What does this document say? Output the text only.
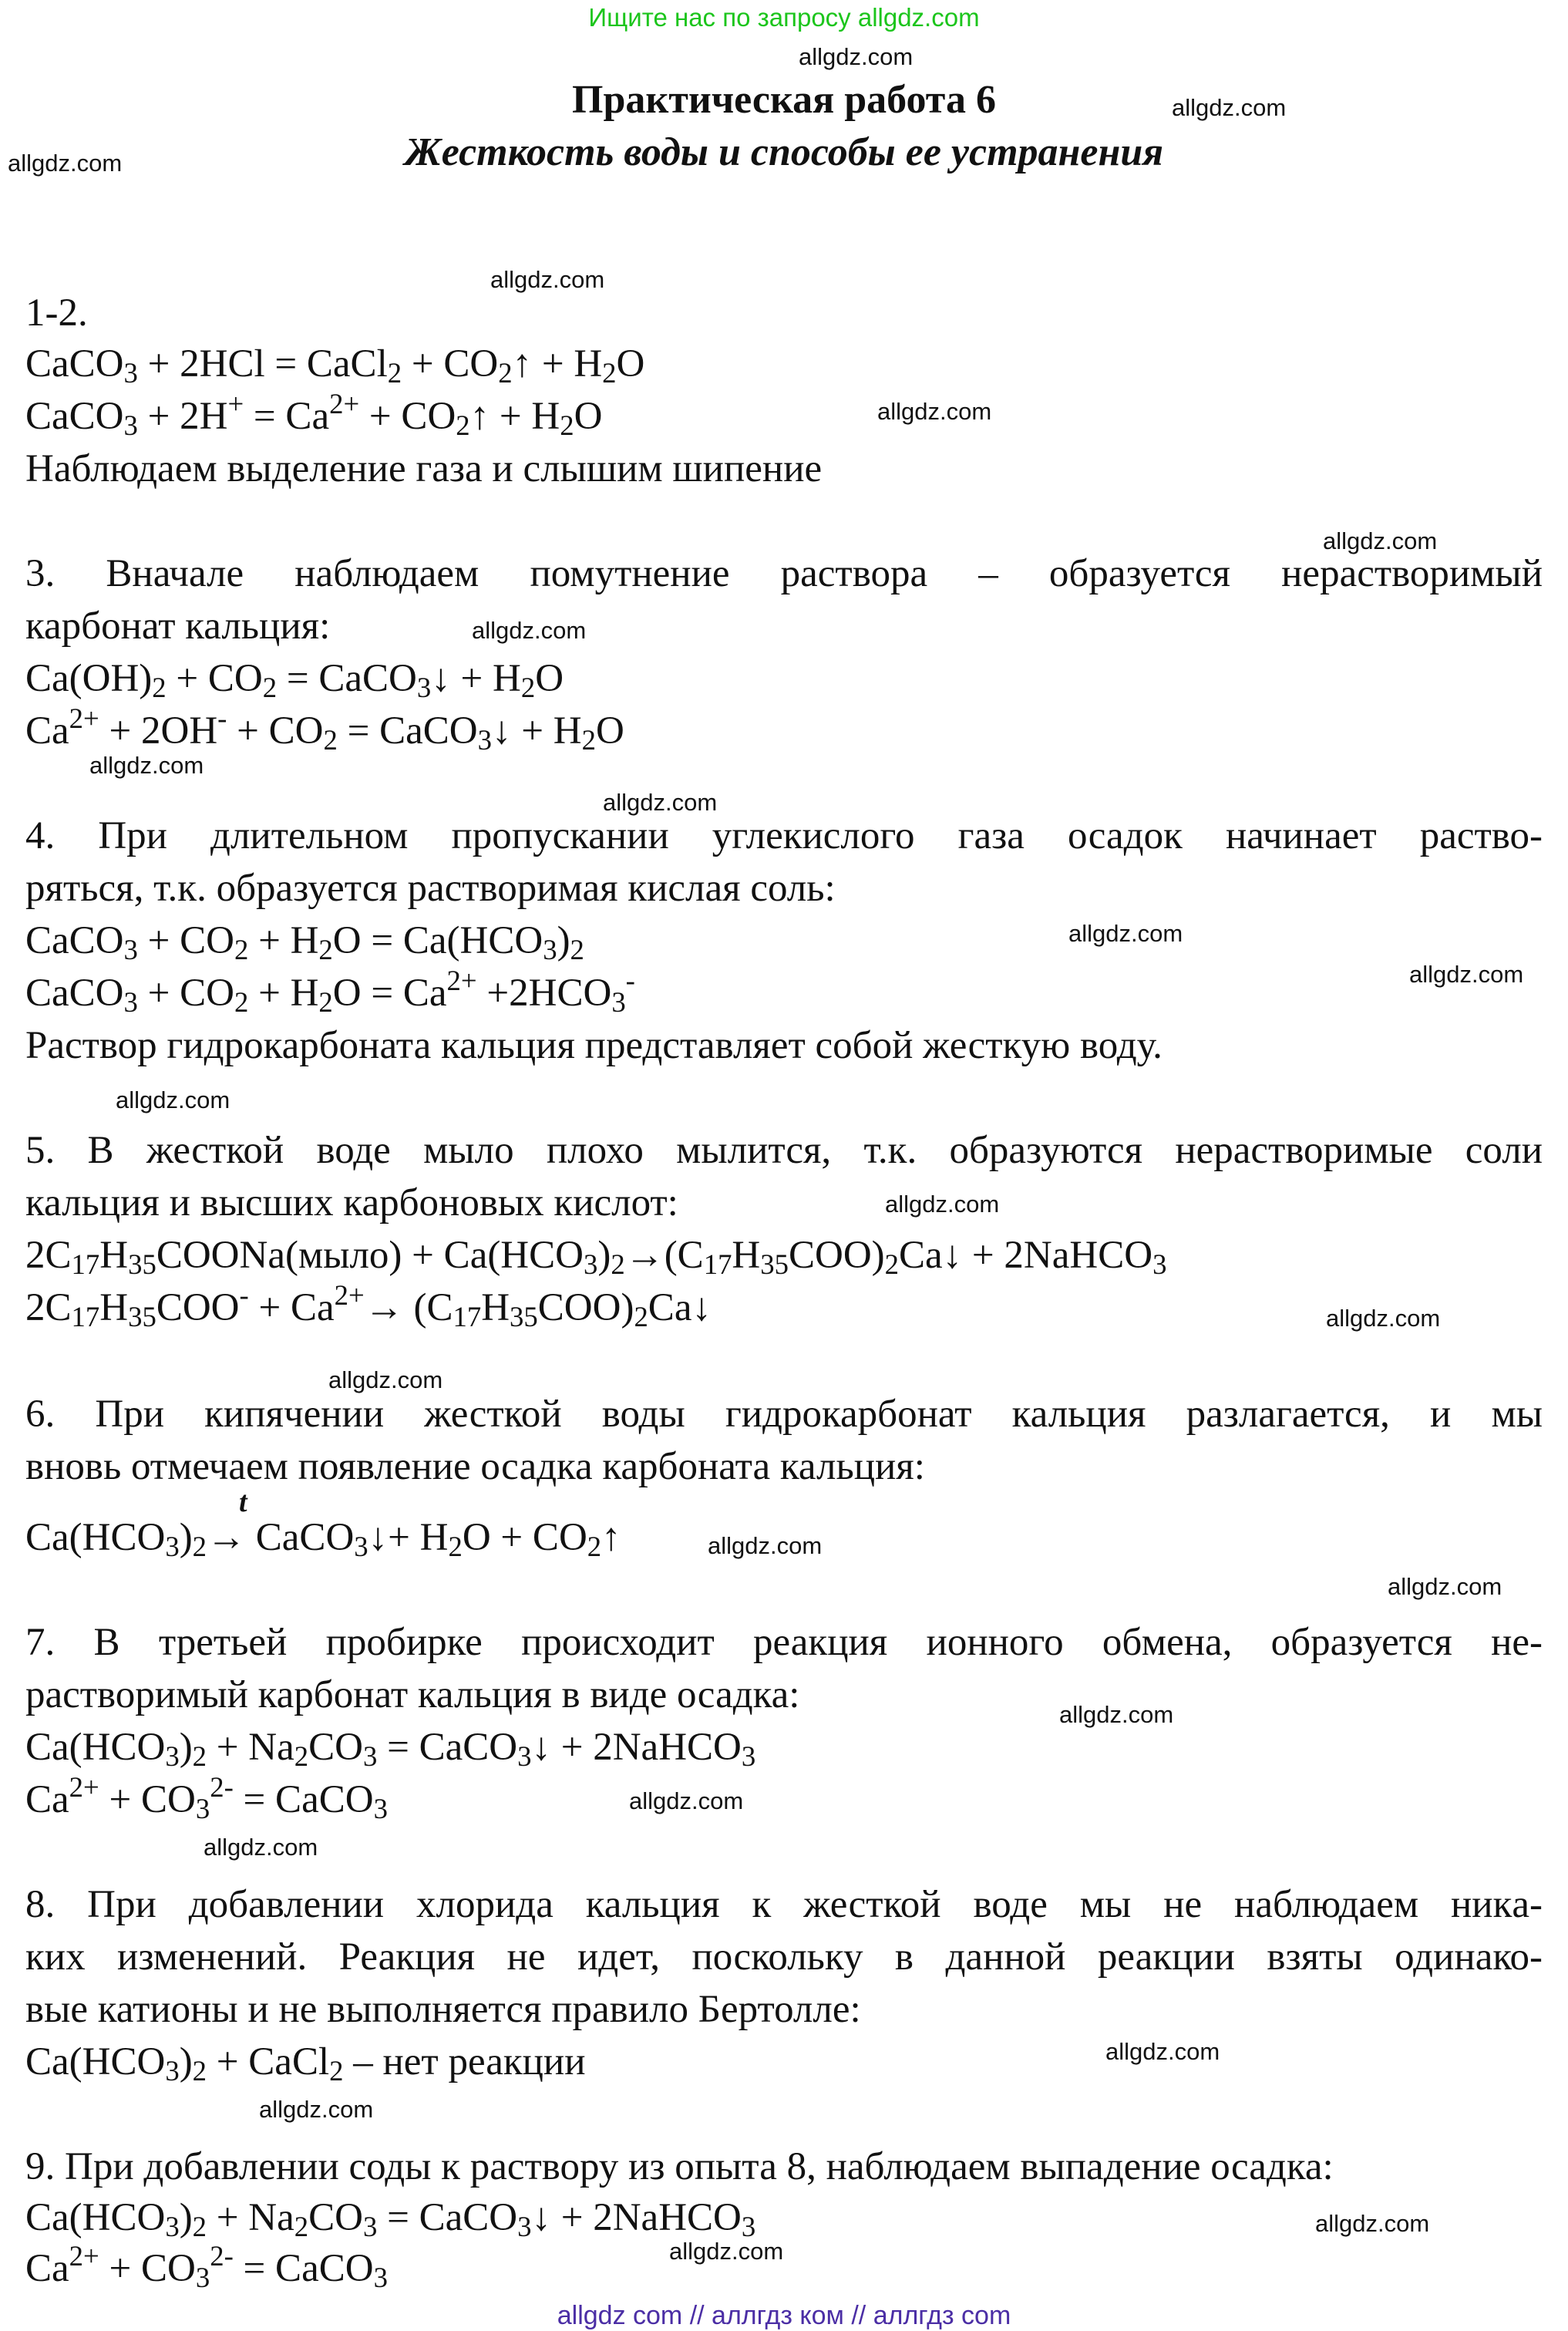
Ищите нас по запросу allgdz.com
allgdz.com
allgdz.com
allgdz.com
allgdz.com
allgdz.com
allgdz.com
allgdz.com
allgdz.com
allgdz.com
allgdz.com
allgdz.com
allgdz.com
allgdz.com
allgdz.com
allgdz.com
allgdz.com
allgdz.com
allgdz.com
allgdz.com
allgdz.com
allgdz.com
allgdz.com
allgdz.com
allgdz.com
Практическая работа 6
Жесткость воды и способы ее устранения
1-2.
CaCO$_3$ + 2HCl = CaCl$_2$ + $CO_2↑ + H_2O$
CaCO$_3$ + $2H^+ = Ca^{2+}$ + $CO_2↑ + H_2O$
Наблюдаем выделение газа и слышим шипение
3. Вначале наблюдаем помутнение раствора – образуется нерастворимый
карбонат кальция:
$Ca(OH)_2 + CO_2$ = CaCO$_3$↓ + $H_2O$
$Ca^{2+} + 2OH^- + CO_2$ = CaCO$_3$↓ + $H_2O$
4. При длительном пропускании углекислого газа осадок начинает раство-
ряться, т.к. образуется растворимая кислая соль:
CaCO$_3$ + $CO_2 + H_2O = Ca(HCO_3)_2$
CaCO$_3$ + $CO_2 + H_2O = Ca^{2+} +2HCO_3^-$
Раствор гидрокарбоната кальция представляет собой жесткую воду.
5. В жесткой воде мыло плохо мылится, т.к. образуются нерастворимые соли
кальция и высших карбоновых кислот:
$2C_{17}H_{35}COONa(мыло)$ + $Ca(HCO_3)_2\to(C_{17}H_{35}COO)_2Ca↓$ + 2NaHCO$_3$
$2C_{17}H_{35}COO^- + Ca^{2+}\to$ $(C_{17}H_{35}COO)_2Ca↓$
6. При кипячении жесткой воды гидрокарбонат кальция разлагается, и мы
вновь отмечаем появление осадка карбоната кальция:
t
$Ca(HCO_3)_2\to$ CaCO$_3$↓+ $H_2O$ + $CO_2↑$
7. В третьей пробирке происходит реакция ионного обмена, образуется не-
растворимый карбонат кальция в виде осадка:
$Ca(HCO_3)_2 + Na_2CO_3$ = CaCO$_3$↓ + 2NaHCO$_3$
$Ca^{2+} + CO_3^{2-}$ = CaCO$_3$
8. При добавлении хлорида кальция к жесткой воде мы не наблюдаем никa-
ких изменений. Реакция не идет, поскольку в данной реакции взяты одинако-
вые катионы и не выполняется правило Бертолле:
$Ca(HCO_3)_2$ + CaCl$_2$ – нет реакции
9. При добавлении соды к раствору из опыта 8, наблюдаем выпадение осадка:
$Ca(HCO_3)_2 + Na_2CO_3$ = CaCO$_3$↓ + 2NaHCO$_3$
$Ca^{2+} + CO_3^{2-}$ = CaCO$_3$
allgdz com // аллгдз ком // аллгдз com
